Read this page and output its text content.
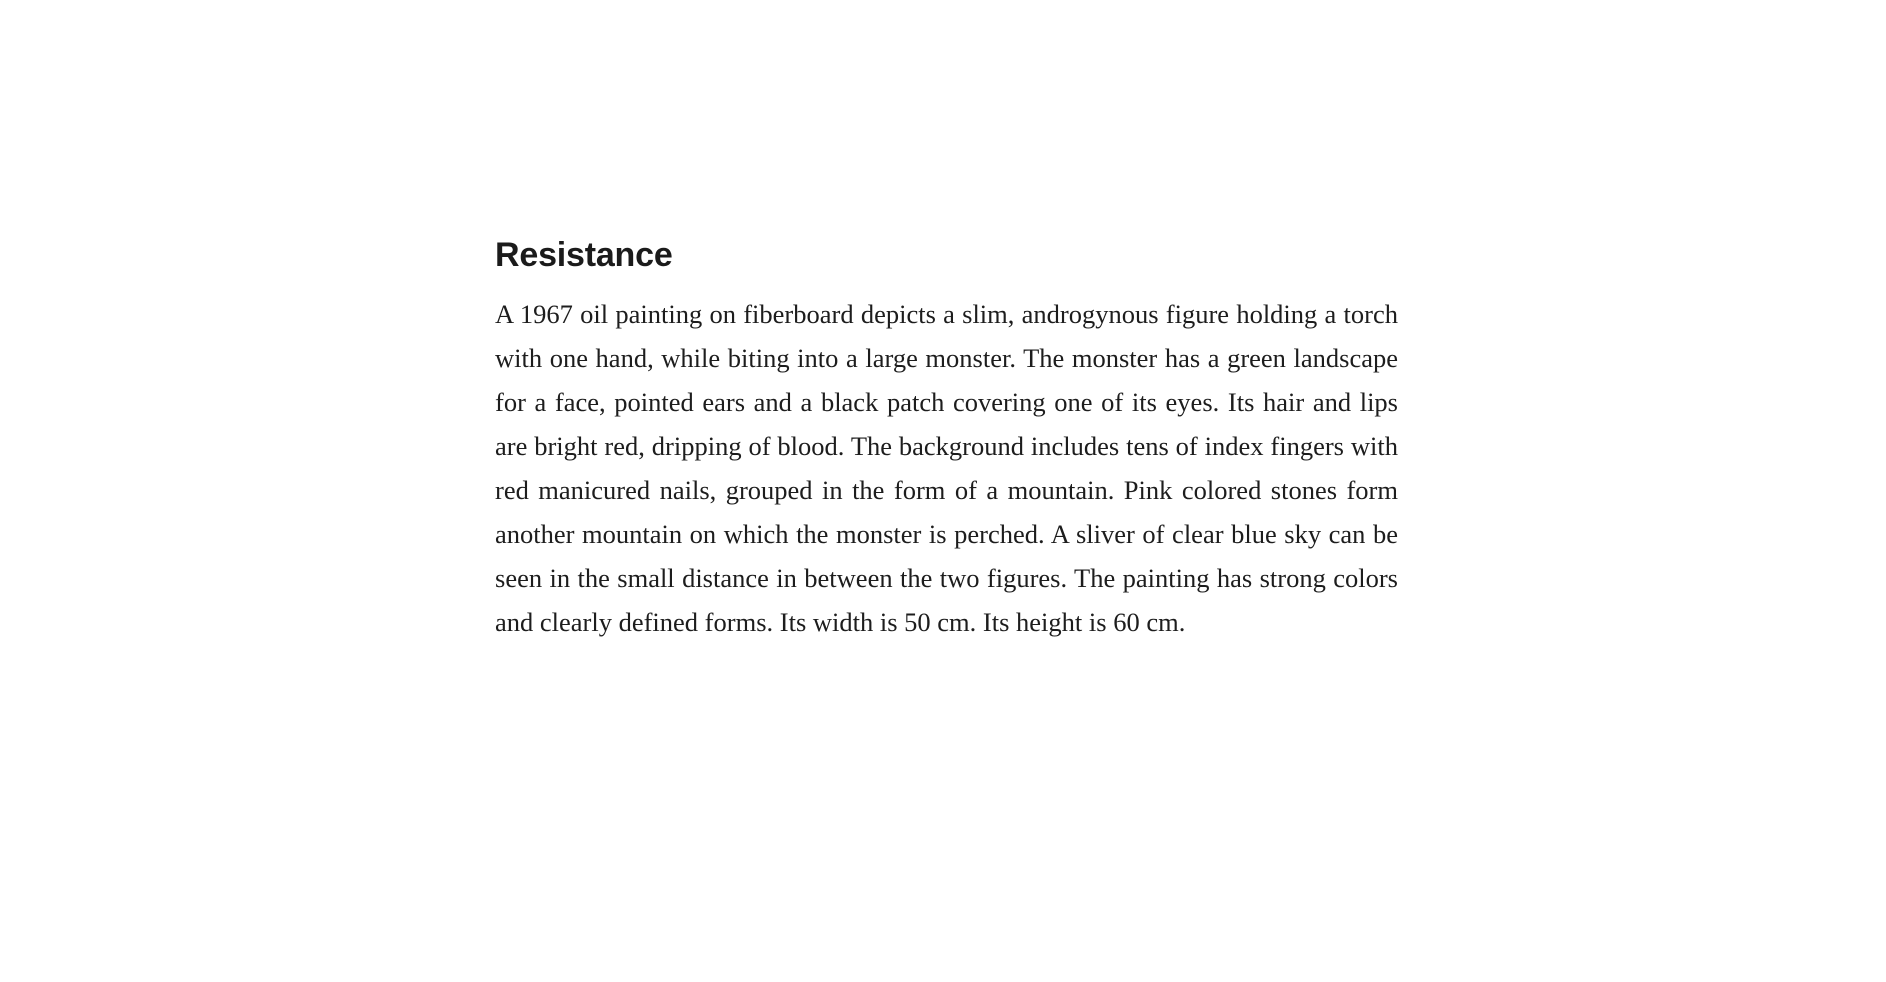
Resistance

A 1967 oil painting on fiberboard depicts a slim, androgynous figure holding a torch with one hand, while biting into a large monster. The monster has a green landscape for a face, pointed ears and a black patch covering one of its eyes. Its hair and lips are bright red, dripping of blood. The background includes tens of index fingers with red manicured nails, grouped in the form of a mountain. Pink colored stones form another mountain on which the monster is perched. A sliver of clear blue sky can be seen in the small distance in between the two figures. The painting has strong colors and clearly defined forms. Its width is 50 cm. Its height is 60 cm.
